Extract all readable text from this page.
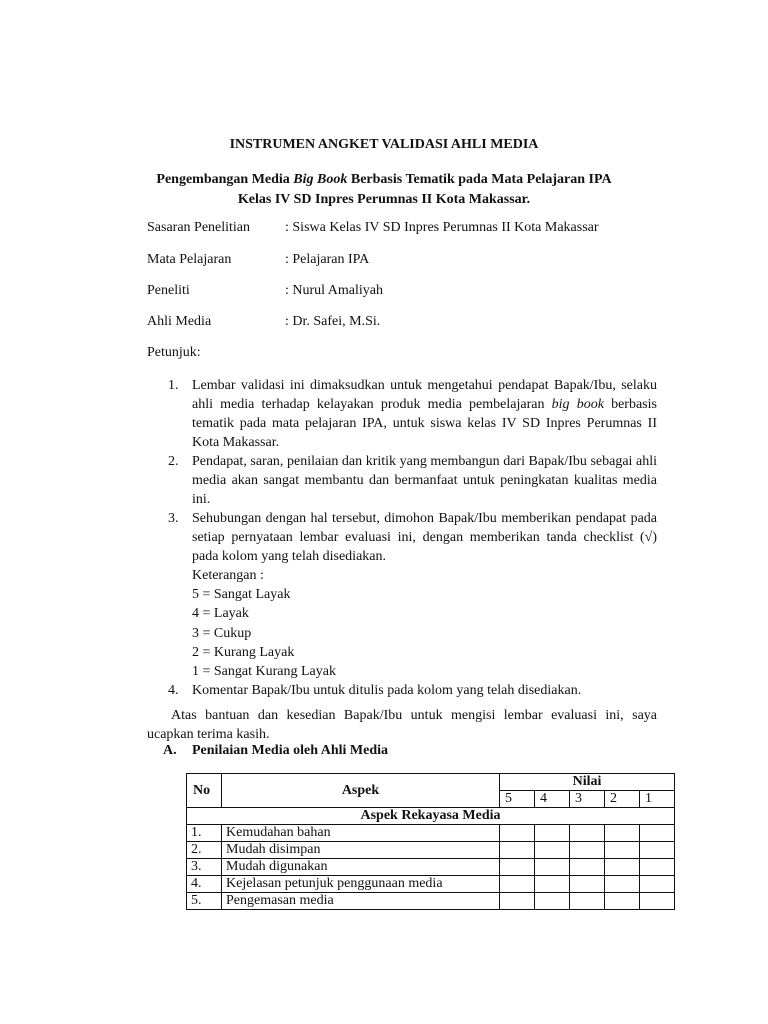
INSTRUMEN ANGKET VALIDASI AHLI MEDIA
Pengembangan Media Big Book Berbasis Tematik pada Mata Pelajaran IPA
Kelas IV SD Inpres Perumnas II Kota Makassar.
Sasaran Penelitian : Siswa Kelas IV SD Inpres Perumnas II Kota Makassar
Mata Pelajaran	: Pelajaran IPA
Peneliti	: Nurul Amaliyah
Ahli Media	: Dr. Safei, M.Si.
Petunjuk:
1. Lembar validasi ini dimaksudkan untuk mengetahui pendapat Bapak/Ibu, selaku ahli media terhadap kelayakan produk media pembelajaran big book berbasis tematik pada mata pelajaran IPA, untuk siswa kelas IV SD Inpres Perumnas II Kota Makassar.
2. Pendapat, saran, penilaian dan kritik yang membangun dari Bapak/Ibu sebagai ahli media akan sangat membantu dan bermanfaat untuk peningkatan kualitas media ini.
3. Sehubungan dengan hal tersebut, dimohon Bapak/Ibu memberikan pendapat pada setiap pernyataan lembar evaluasi ini, dengan memberikan tanda checklist (√) pada kolom yang telah disediakan.
Keterangan :
5 = Sangat Layak
4 = Layak
3 = Cukup
2 = Kurang Layak
1 = Sangat Kurang Layak
4. Komentar Bapak/Ibu untuk ditulis pada kolom yang telah disediakan.
Atas bantuan dan kesedian Bapak/Ibu untuk mengisi lembar evaluasi ini, saya ucapkan terima kasih.
A. Penilaian Media oleh Ahli Media
No	Aspek	Nilai				
		5	4	3	2	1
Aspek Rekayasa Media						
1.	Kemudahan bahan					
2.	Mudah disimpan					
3.	Mudah digunakan					
4.	Kejelasan petunjuk penggunaan media					
5.	Pengemasan media					
